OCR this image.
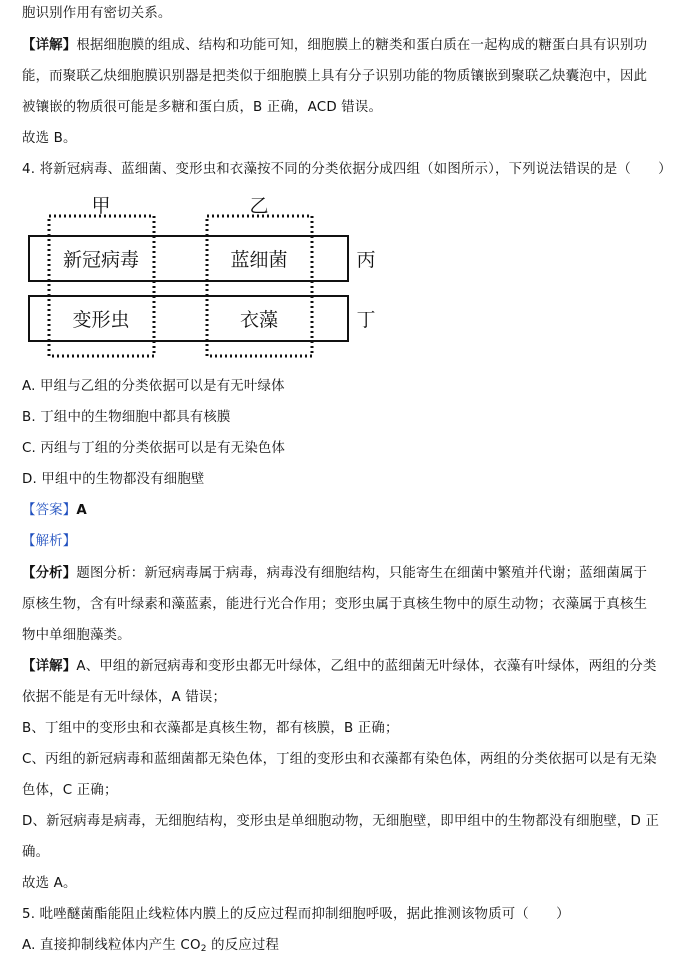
胞识别作用有密切关系。
【详解】根据细胞膜的组成、结构和功能可知，细胞膜上的糖类和蛋白质在一起构成的糖蛋白具有识别功
能，而聚联乙炔细胞膜识别器是把类似于细胞膜上具有分子识别功能的物质镶嵌到聚联乙炔囊泡中，因此
被镶嵌的物质很可能是多糖和蛋白质，B 正确，ACD 错误。
故选 B。
4. 将新冠病毒、蓝细菌、变形虫和衣藻按不同的分类依据分成四组（如图所示），下列说法错误的是（　　）
甲	乙
丙
丁
新冠病毒	蓝细菌
变形虫	衣藻
A. 甲组与乙组的分类依据可以是有无叶绿体
B. 丁组中的生物细胞中都具有核膜
C. 丙组与丁组的分类依据可以是有无染色体
D. 甲组中的生物都没有细胞壁
【答案】A
【解析】
【分析】题图分析：新冠病毒属于病毒，病毒没有细胞结构，只能寄生在细菌中繁殖并代谢；蓝细菌属于
原核生物，含有叶绿素和藻蓝素，能进行光合作用；变形虫属于真核生物中的原生动物；衣藻属于真核生
物中单细胞藻类。
【详解】A、甲组的新冠病毒和变形虫都无叶绿体，乙组中的蓝细菌无叶绿体，衣藻有叶绿体，两组的分类
依据不能是有无叶绿体，A 错误；
B、丁组中的变形虫和衣藻都是真核生物，都有核膜，B 正确；
C、丙组的新冠病毒和蓝细菌都无染色体，丁组的变形虫和衣藻都有染色体，两组的分类依据可以是有无染
色体，C 正确；
D、新冠病毒是病毒，无细胞结构，变形虫是单细胞动物，无细胞壁，即甲组中的生物都没有细胞壁，D 正
确。
故选 A。
5. 吡唑醚菌酯能阻止线粒体内膜上的反应过程而抑制细胞呼吸，据此推测该物质可（　　）
A. 直接抑制线粒体内产生 $CO_2$ 的反应过程
